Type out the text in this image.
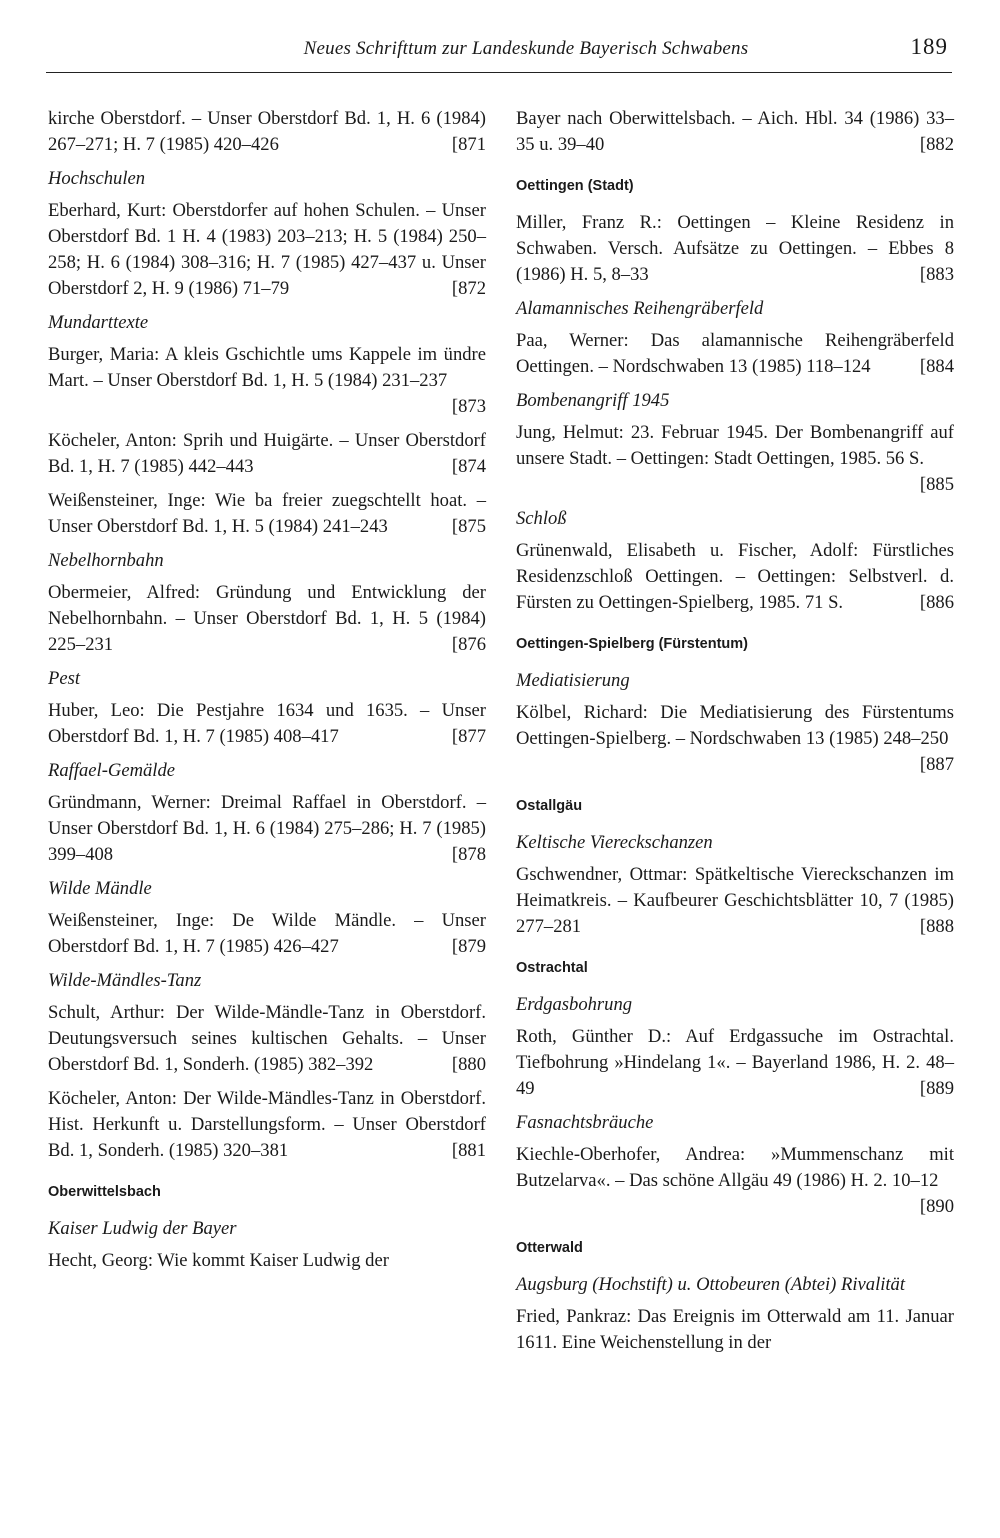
Neues Schrifttum zur Landeskunde Bayerisch Schwabens	189
kirche Oberstdorf. – Unser Oberstdorf Bd. 1, H. 6 (1984) 267–271; H. 7 (1985) 420–426	[871
Hochschulen
Eberhard, Kurt: Oberstdorfer auf hohen Schulen. – Unser Oberstdorf Bd. 1 H. 4 (1983) 203–213; H. 5 (1984) 250–258; H. 6 (1984) 308–316; H. 7 (1985) 427–437 u. Unser Oberstdorf 2, H. 9 (1986) 71–79	[872
Mundarttexte
Burger, Maria: A kleis Gschichtle ums Kappele im ündre Mart. – Unser Oberstdorf Bd. 1, H. 5 (1984) 231–237
[873
Köcheler, Anton: Sprih und Huigärte. – Unser Oberstdorf Bd. 1, H. 7 (1985) 442–443	[874
Weißensteiner, Inge: Wie ba freier zuegschtellt hoat. – Unser Oberstdorf Bd. 1, H. 5 (1984) 241–243	[875
Nebelhornbahn
Obermeier, Alfred: Gründung und Entwicklung der Nebelhornbahn. – Unser Oberstdorf Bd. 1, H. 5 (1984) 225–231	[876
Pest
Huber, Leo: Die Pestjahre 1634 und 1635. – Unser Oberstdorf Bd. 1, H. 7 (1985) 408–417	[877
Raffael-Gemälde
Gründmann, Werner: Dreimal Raffael in Oberstdorf. – Unser Oberstdorf Bd. 1, H. 6 (1984) 275–286; H. 7 (1985) 399–408	[878
Wilde Mändle
Weißensteiner, Inge: De Wilde Mändle. – Unser Oberstdorf Bd. 1, H. 7 (1985) 426–427	[879
Wilde-Mändles-Tanz
Schult, Arthur: Der Wilde-Mändle-Tanz in Oberstdorf. Deutungsversuch seines kultischen Gehalts. – Unser Oberstdorf Bd. 1, Sonderh. (1985) 382–392	[880
Köcheler, Anton: Der Wilde-Mändles-Tanz in Oberstdorf. Hist. Herkunft u. Darstellungsform. – Unser Oberstdorf Bd. 1, Sonderh. (1985) 320–381	[881
Oberwittelsbach
Kaiser Ludwig der Bayer
Hecht, Georg: Wie kommt Kaiser Ludwig der
Bayer nach Oberwittelsbach. – Aich. Hbl. 34 (1986) 33–35 u. 39–40	[882
Oettingen (Stadt)
Miller, Franz R.: Oettingen – Kleine Residenz in Schwaben. Versch. Aufsätze zu Oettingen. – Ebbes 8 (1986) H. 5, 8–33	[883
Alamannisches Reihengräberfeld
Paa, Werner: Das alamannische Reihengräberfeld Oettingen. – Nordschwaben 13 (1985) 118–124	[884
Bombenangriff 1945
Jung, Helmut: 23. Februar 1945. Der Bombenangriff auf unsere Stadt. – Oettingen: Stadt Oettingen, 1985. 56 S.
[885
Schloß
Grünenwald, Elisabeth u. Fischer, Adolf: Fürstliches Residenzschloß Oettingen. – Oettingen: Selbstverl. d. Fürsten zu Oettingen-Spielberg, 1985. 71 S.	[886
Oettingen-Spielberg (Fürstentum)
Mediatisierung
Kölbel, Richard: Die Mediatisierung des Fürstentums Oettingen-Spielberg. – Nordschwaben 13 (1985) 248–250
[887
Ostallgäu
Keltische Viereckschanzen
Gschwendner, Ottmar: Spätkeltische Viereckschanzen im Heimatkreis. – Kaufbeurer Geschichtsblätter 10, 7 (1985) 277–281	[888
Ostrachtal
Erdgasbohrung
Roth, Günther D.: Auf Erdgassuche im Ostrachtal. Tiefbohrung »Hindelang 1«. – Bayerland 1986, H. 2. 48–49	[889
Fasnachtsbräuche
Kiechle-Oberhofer, Andrea: »Mummenschanz mit Butzelarva«. – Das schöne Allgäu 49 (1986) H. 2. 10–12
[890
Otterwald
Augsburg (Hochstift) u. Ottobeuren (Abtei) Rivalität
Fried, Pankraz: Das Ereignis im Otterwald am 11. Januar 1611. Eine Weichenstellung in der
